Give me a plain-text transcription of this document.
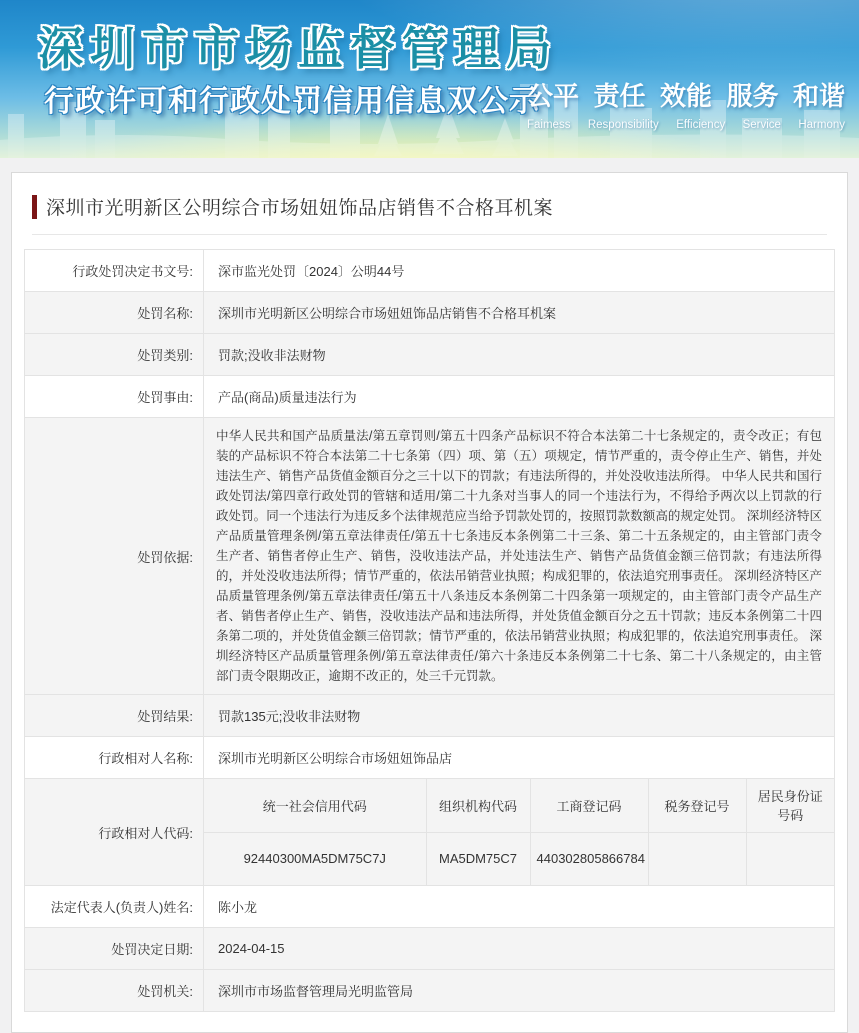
深圳市市场监督管理局
行政许可和行政处罚信用信息双公示
公平 责任 效能 服务 和谐
Faimess Responsibility Efficiency Service Harmony
深圳市光明新区公明综合市场妞妞饰品店销售不合格耳机案
行政处罚决定书文号:	深市监光处罚〔2024〕公明44号
处罚名称:	深圳市光明新区公明综合市场妞妞饰品店销售不合格耳机案
处罚类别:	罚款;没收非法财物
处罚事由:	产品(商品)质量违法行为
处罚依据:	中华人民共和国产品质量法/第五章罚则/第五十四条产品标识不符合本法第二十七条规定的，责令改正；有包装的产品标识不符合本法第二十七条第（四）项、第（五）项规定，情节严重的，责令停止生产、销售，并处违法生产、销售产品货值金额百分之三十以下的罚款；有违法所得的，并处没收违法所得。 中华人民共和国行政处罚法/第四章行政处罚的管辖和适用/第二十九条对当事人的同一个违法行为，不得给予两次以上罚款的行政处罚。同一个违法行为违反多个法律规范应当给予罚款处罚的，按照罚款数额高的规定处罚。 深圳经济特区产品质量管理条例/第五章法律责任/第五十七条违反本条例第二十三条、第二十五条规定的，由主管部门责令生产者、销售者停止生产、销售，没收违法产品，并处违法生产、销售产品货值金额三倍罚款；有违法所得的，并处没收违法所得；情节严重的，依法吊销营业执照；构成犯罪的，依法追究刑事责任。 深圳经济特区产品质量管理条例/第五章法律责任/第五十八条违反本条例第二十四条第一项规定的，由主管部门责令产品生产者、销售者停止生产、销售，没收违法产品和违法所得，并处货值金额百分之五十罚款；违反本条例第二十四条第二项的，并处货值金额三倍罚款；情节严重的，依法吊销营业执照；构成犯罪的，依法追究刑事责任。 深圳经济特区产品质量管理条例/第五章法律责任/第六十条违反本条例第二十七条、第二十八条规定的，由主管部门责令限期改正，逾期不改正的，处三千元罚款。
处罚结果:	罚款135元;没收非法财物
行政相对人名称:	深圳市光明新区公明综合市场妞妞饰品店
行政相对人代码:	
统一社会信用代码	组织机构代码	工商登记码	税务登记号	居民身份证号码
92440300MA5DM75C7J	MA5DM75C7	440302805866784		

法定代表人(负责人)姓名:	陈小龙
处罚决定日期:	2024-04-15
处罚机关:	深圳市市场监督管理局光明监管局
